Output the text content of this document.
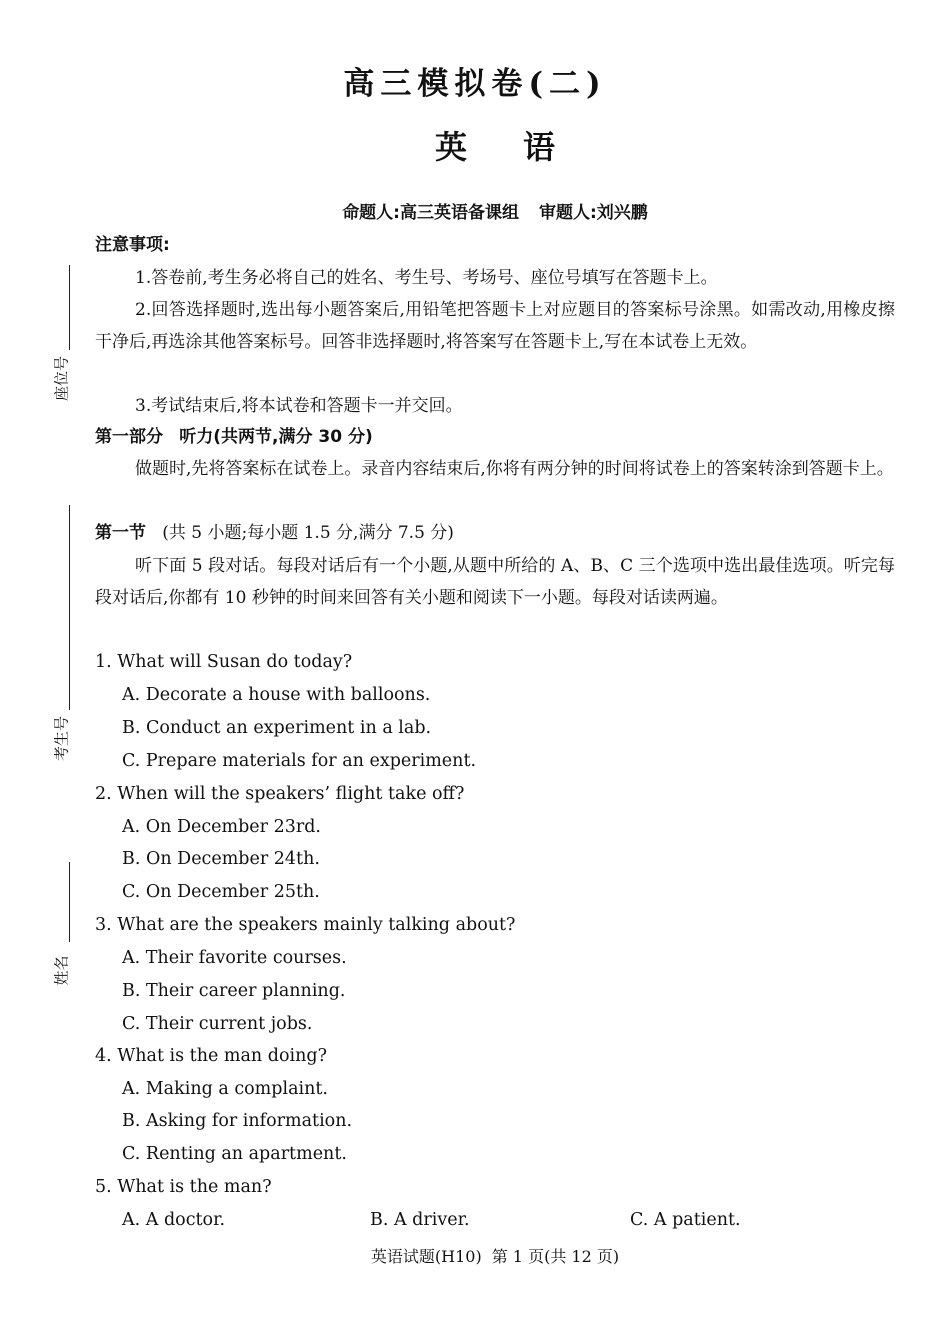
高三模拟卷(二)
英 语
命题人:高三英语备课组 审题人:刘兴鹏
座位号
考生号
姓名
注意事项:
1.答卷前,考生务必将自己的姓名、考生号、考场号、座位号填写在答题卡上。
2.回答选择题时,选出每小题答案后,用铅笔把答题卡上对应题目的答案标号涂黑。如需改动,用橡皮擦干净后,再选涂其他答案标号。回答非选择题时,将答案写在答题卡上,写在本试卷上无效。
3.考试结束后,将本试卷和答题卡一并交回。
第一部分 听力(共两节,满分 30 分)
做题时,先将答案标在试卷上。录音内容结束后,你将有两分钟的时间将试卷上的答案转涂到答题卡上。
第一节 (共 5 小题;每小题 1.5 分,满分 7.5 分)
听下面 5 段对话。每段对话后有一个小题,从题中所给的 A、B、C 三个选项中选出最佳选项。听完每段对话后,你都有 10 秒钟的时间来回答有关小题和阅读下一小题。每段对话读两遍。
1. What will Susan do today?
A. Decorate a house with balloons.
B. Conduct an experiment in a lab.
C. Prepare materials for an experiment.
2. When will the speakers’ flight take off?
A. On December 23rd.
B. On December 24th.
C. On December 25th.
3. What are the speakers mainly talking about?
A. Their favorite courses.
B. Their career planning.
C. Their current jobs.
4. What is the man doing?
A. Making a complaint.
B. Asking for information.
C. Renting an apartment.
5. What is the man?
A. A doctor.	B. A driver.	C. A patient.
英语试题(H10) 第 1 页(共 12 页)
